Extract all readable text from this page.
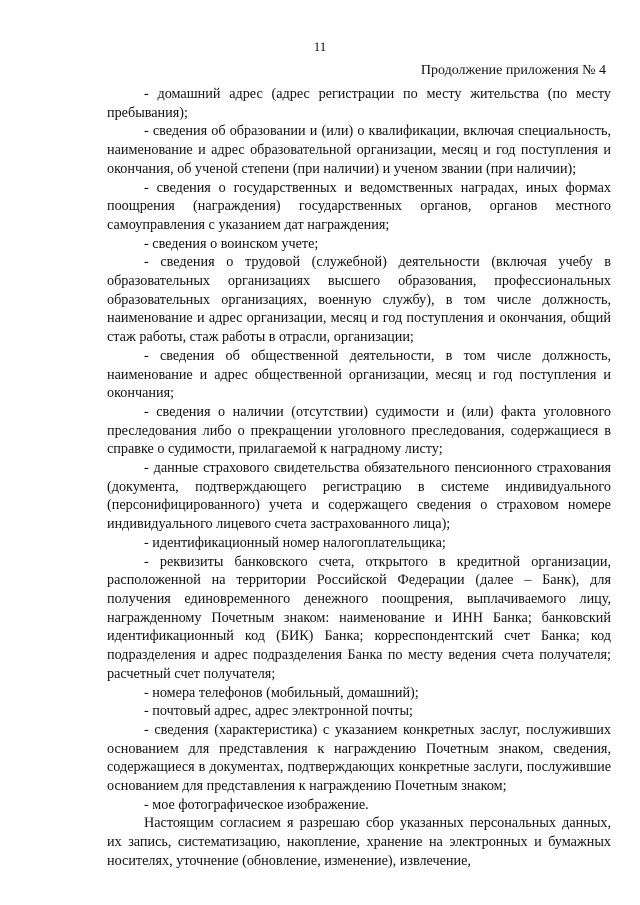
11
Продолжение приложения № 4

- домашний адрес (адрес регистрации по месту жительства (по месту пребывания);

- сведения об образовании и (или) о квалификации, включая специальность, наименование и адрес образовательной организации, месяц и год поступления и окончания, об ученой степени (при наличии) и ученом звании (при наличии);

- сведения о государственных и ведомственных наградах, иных формах поощрения (награждения) государственных органов, органов местного самоуправления с указанием дат награждения;

- сведения о воинском учете;

- сведения о трудовой (служебной) деятельности (включая учебу в образовательных организациях высшего образования, профессиональных образовательных организациях, военную службу), в том числе должность, наименование и адрес организации, месяц и год поступления и окончания, общий стаж работы, стаж работы в отрасли, организации;

- сведения об общественной деятельности, в том числе должность, наименование и адрес общественной организации, месяц и год поступления и окончания;

- сведения о наличии (отсутствии) судимости и (или) факта уголовного преследования либо о прекращении уголовного преследования, содержащиеся в справке о судимости, прилагаемой к наградному листу;

- данные страхового свидетельства обязательного пенсионного страхования (документа, подтверждающего регистрацию в системе индивидуального (персонифицированного) учета и содержащего сведения о страховом номере индивидуального лицевого счета застрахованного лица);

- идентификационный номер налогоплательщика;

- реквизиты банковского счета, открытого в кредитной организации, расположенной на территории Российской Федерации (далее – Банк), для получения единовременного денежного поощрения, выплачиваемого лицу, награжденному Почетным знаком: наименование и ИНН Банка; банковский идентификационный код (БИК) Банка; корреспондентский счет Банка; код подразделения и адрес подразделения Банка по месту ведения счета получателя; расчетный счет получателя;

- номера телефонов (мобильный, домашний);

- почтовый адрес, адрес электронной почты;

- сведения (характеристика) с указанием конкретных заслуг, послуживших основанием для представления к награждению Почетным знаком, сведения, содержащиеся в документах, подтверждающих конкретные заслуги, послужившие основанием для представления к награждению Почетным знаком;

- мое фотографическое изображение.

Настоящим согласием я разрешаю сбор указанных персональных данных, их запись, систематизацию, накопление, хранение на электронных и бумажных носителях, уточнение (обновление, изменение), извлечение,
